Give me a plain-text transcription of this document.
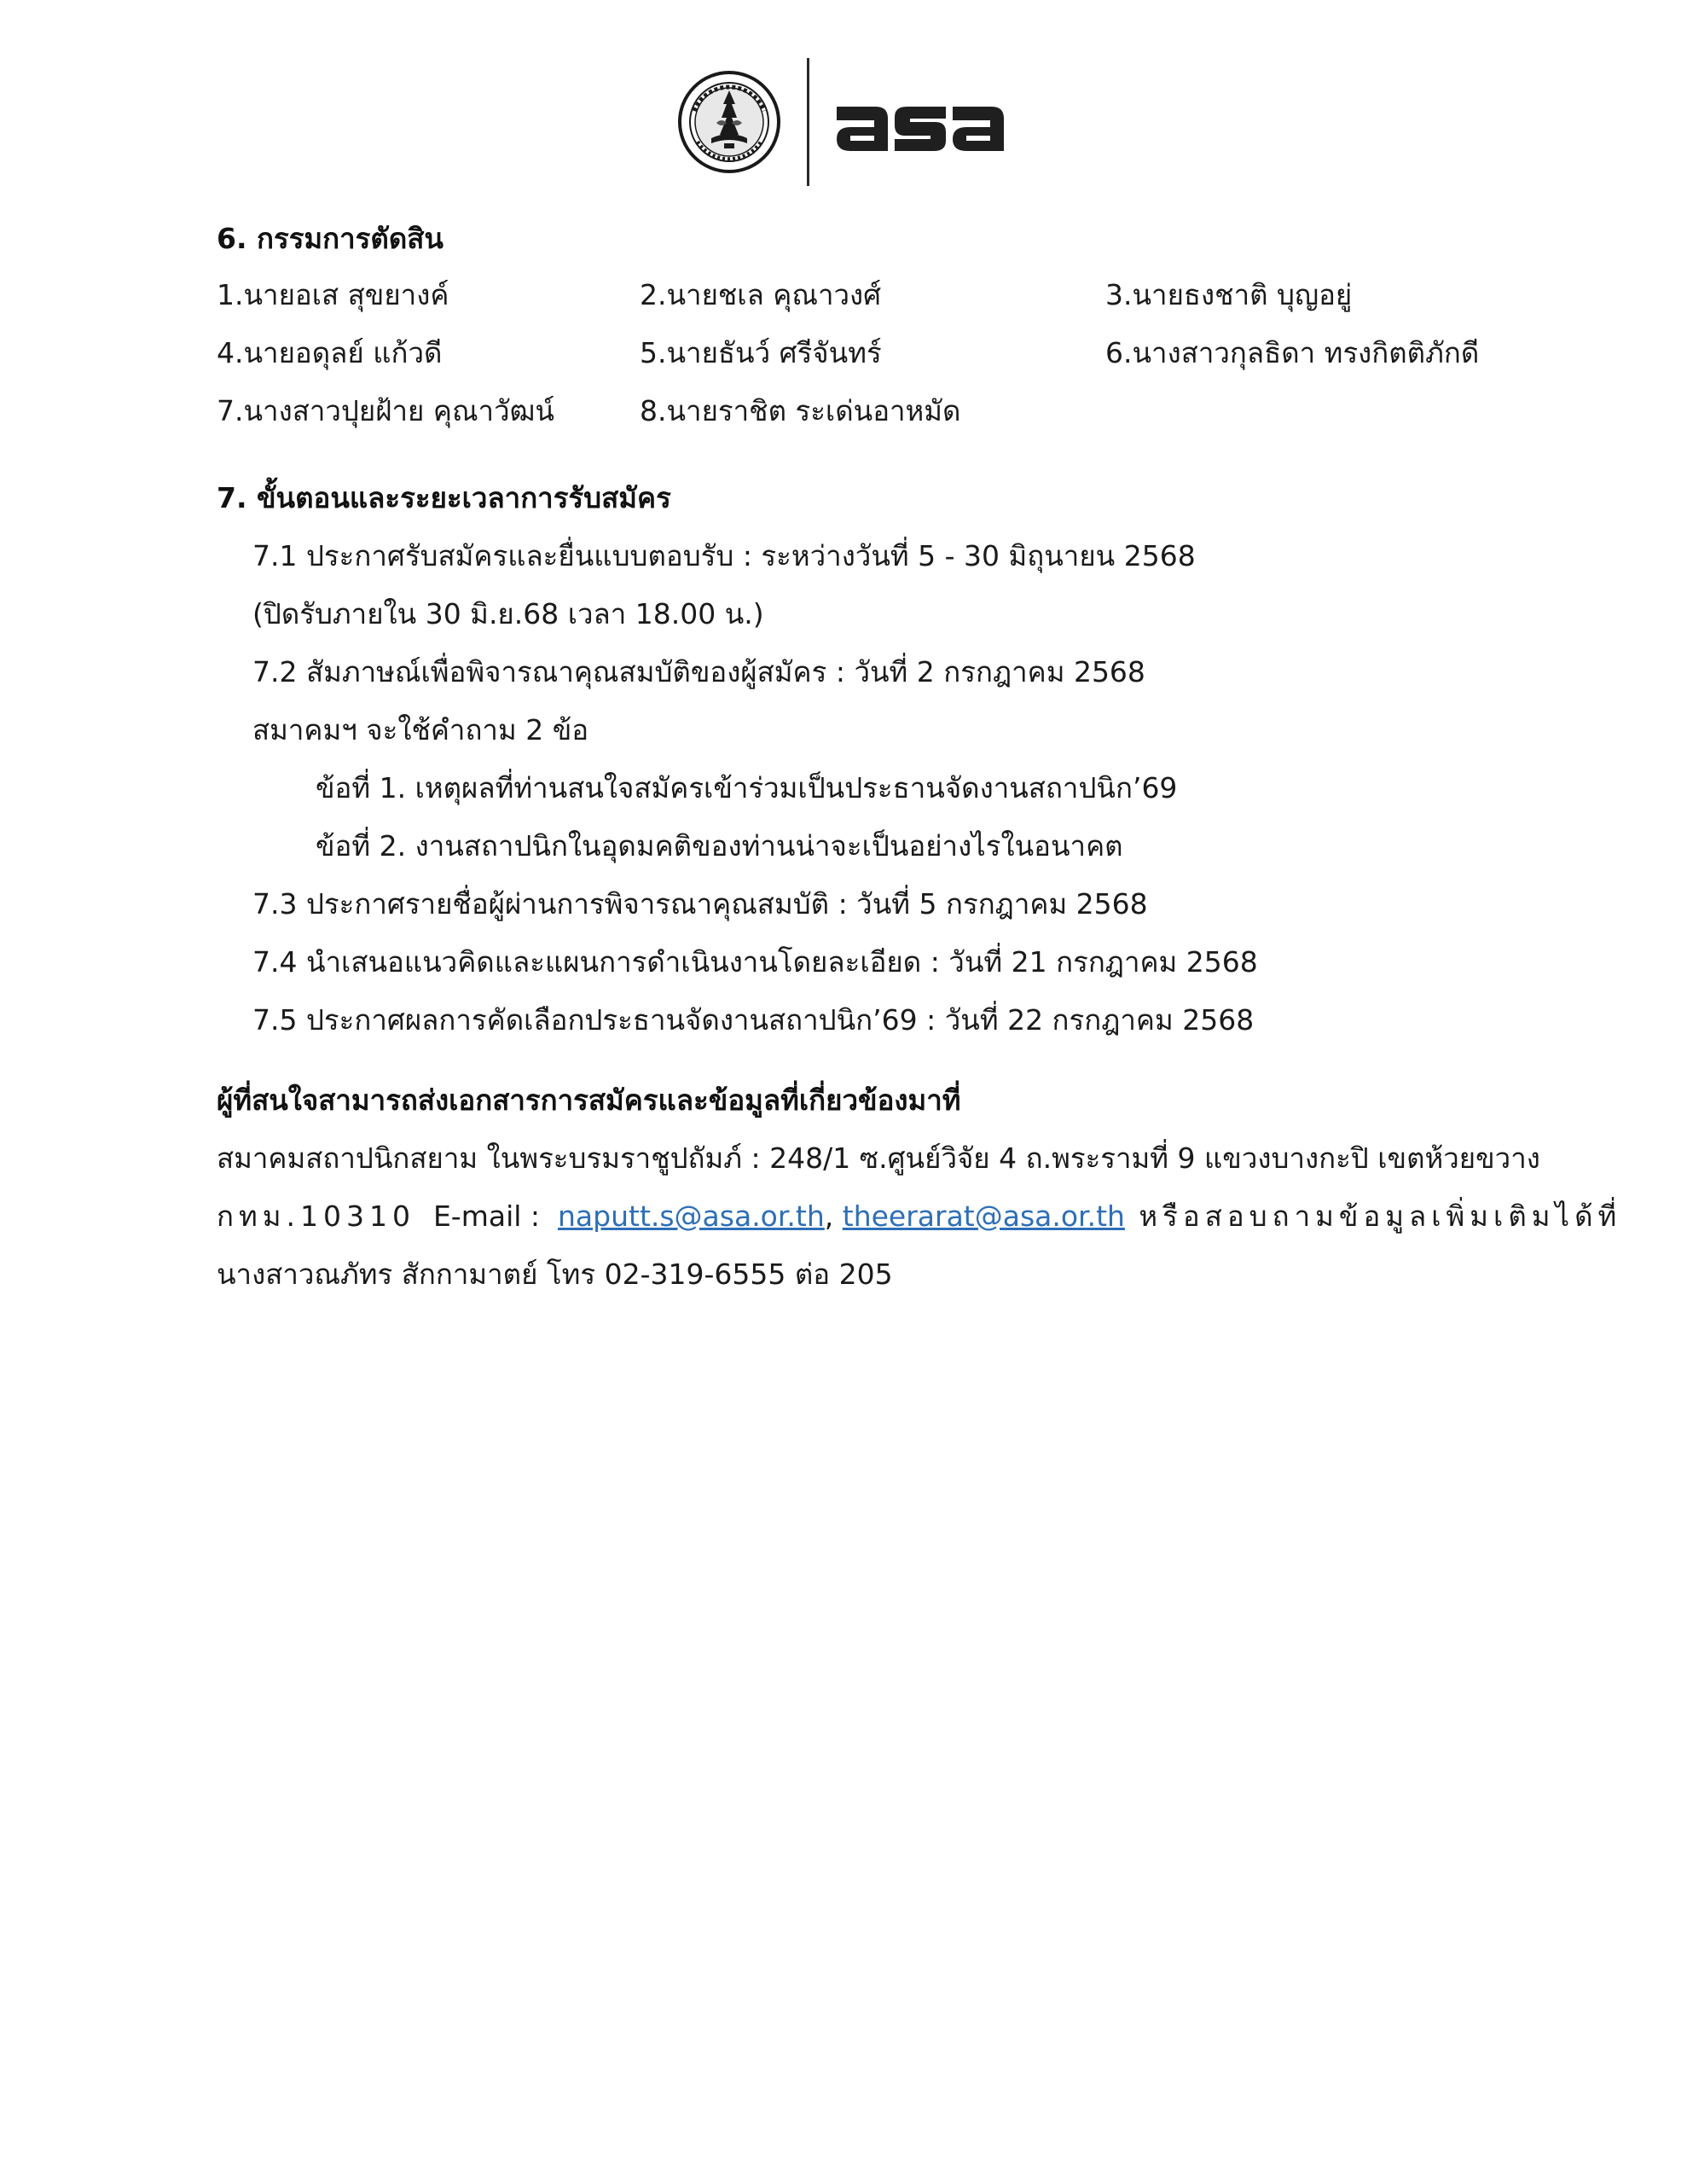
6. กรรมการตัดสิน
1.นายอเส สุขยางค์	2.นายชเล คุณาวงศ์	3.นายธงชาติ บุญอยู่
4.นายอดุลย์ แก้วดี	5.นายธันว์ ศรีจันทร์	6.นางสาวกุลธิดา ทรงกิตติภักดี
7.นางสาวปุยฝ้าย คุณาวัฒน์	8.นายราชิต ระเด่นอาหมัด
7. ขั้นตอนและระยะเวลาการรับสมัคร
7.1 ประกาศรับสมัครและยื่นแบบตอบรับ : ระหว่างวันที่ 5 - 30 มิถุนายน 2568
(ปิดรับภายใน 30 มิ.ย.68 เวลา 18.00 น.)
7.2 สัมภาษณ์เพื่อพิจารณาคุณสมบัติของผู้สมัคร : วันที่ 2 กรกฎาคม 2568
สมาคมฯ จะใช้คำถาม 2 ข้อ
ข้อที่ 1. เหตุผลที่ท่านสนใจสมัครเข้าร่วมเป็นประธานจัดงานสถาปนิก’69
ข้อที่ 2. งานสถาปนิกในอุดมคติของท่านน่าจะเป็นอย่างไรในอนาคต
7.3 ประกาศรายชื่อผู้ผ่านการพิจารณาคุณสมบัติ : วันที่ 5 กรกฎาคม 2568
7.4 นำเสนอแนวคิดและแผนการดำเนินงานโดยละเอียด : วันที่ 21 กรกฎาคม 2568
7.5 ประกาศผลการคัดเลือกประธานจัดงานสถาปนิก’69 : วันที่ 22 กรกฎาคม 2568
ผู้ที่สนใจสามารถส่งเอกสารการสมัครและข้อมูลที่เกี่ยวข้องมาที่
สมาคมสถาปนิกสยาม ในพระบรมราชูปถัมภ์ : 248/1 ซ.ศูนย์วิจัย 4 ถ.พระรามที่ 9 แขวงบางกะปิ เขตห้วยขวาง
กทม.10310  E-mail :  naputt.s@asa.or.th, theerarat@asa.or.th หรือสอบถามข้อมูลเพิ่มเติมได้ที่
นางสาวณภัทร สักกามาตย์ โทร 02-319-6555 ต่อ 205
